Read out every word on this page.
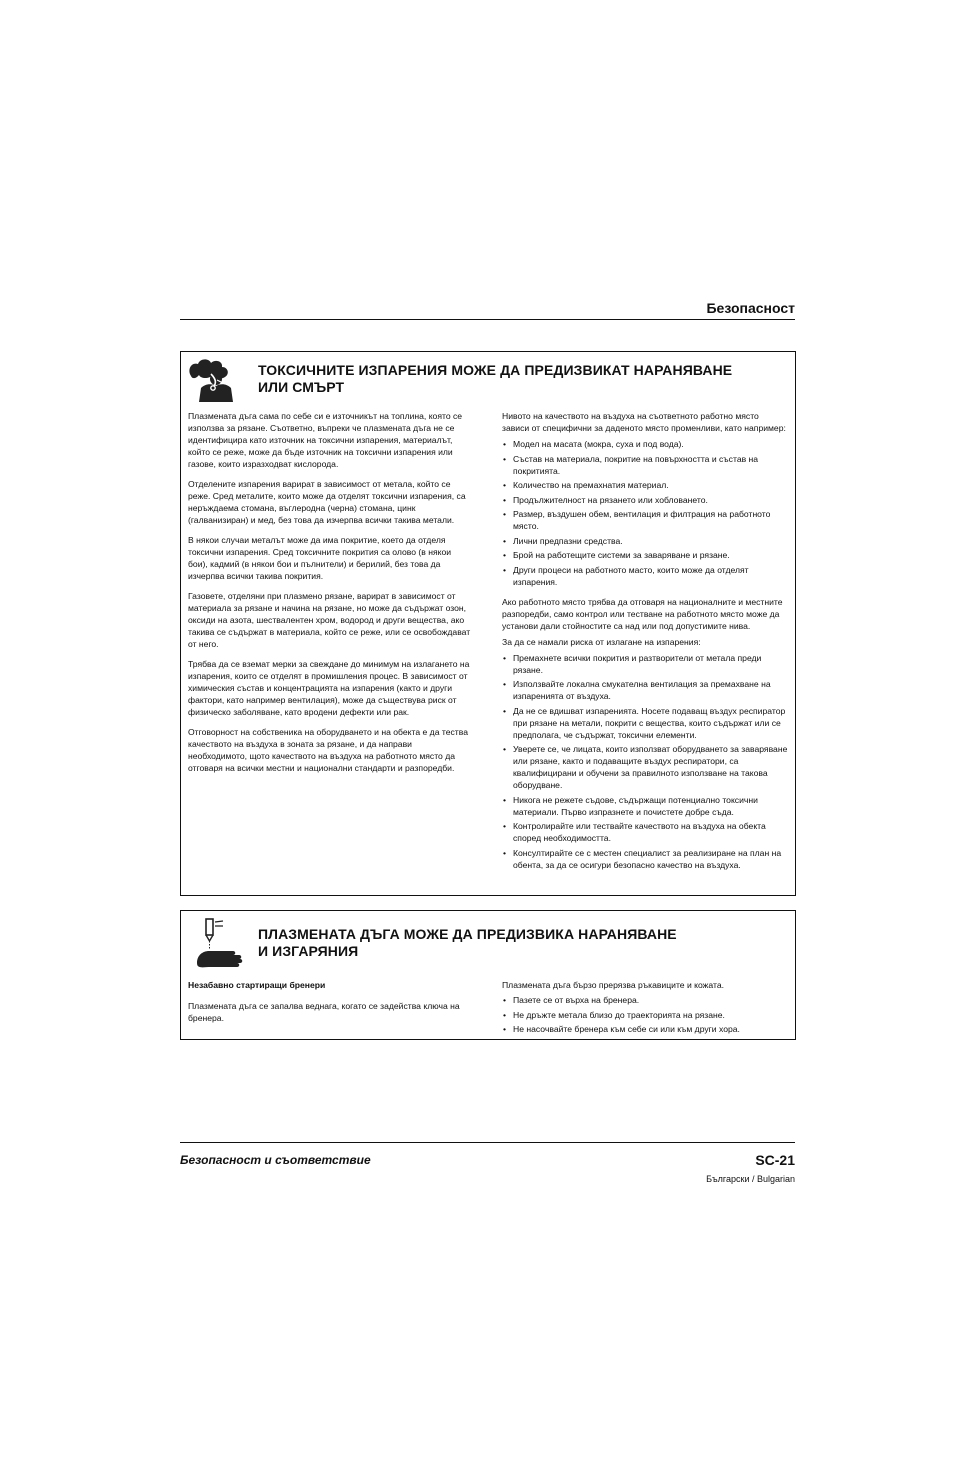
Безопасност
ТОКСИЧНИТЕ ИЗПАРЕНИЯ МОЖЕ ДА ПРЕДИЗВИКАТ НАРАНЯВАНЕ
ИЛИ СМЪРТ

Плазмената дъга сама по себе си е източникът на топлина, която се използва за рязане. Съответно, въпреки че плазмената дъга не се идентифицира като източник на токсични изпарения, материалът, който се реже, може да бъде източник на токсични изпарения или газове, които изразходват кислорода.

Отделените изпарения варират в зависимост от метала, който се реже. Сред металите, които може да отделят токсични изпарения, са неръждаема стомана, въглеродна (черна) стомана, цинк (галванизиран) и мед, без това да изчерпва всички такива метали.

В някои случаи металът може да има покритие, което да отделя токсични изпарения. Сред токсичните покрития са олово (в някои бои), кадмий (в някои бои и пълнители) и берилий, без това да изчерпва всички такива покрития.

Газовете, отделяни при плазмено рязане, варират в зависимост от материала за рязане и начина на рязане, но може да съдържат озон, оксиди на азота, шествалентен хром, водород и други вещества, ако такива се съдържат в материала, който се реже, или се освобождават от него.

Трябва да се вземат мерки за свеждане до минимум на излагането на изпарения, които се отделят в промишления процес. В зависимост от химическия състав и концентрацията на изпарения (както и други фактори, като например вентилация), може да съществува риск от физическо заболяване, като вродени дефекти или рак.

Отговорност на собственика на оборудването и на обекта е да тества качеството на въздуха в зоната за рязане, и да направи необходимото, щото качеството на въздуха на работното място да отговаря на всички местни и национални стандарти и разпоредби.

Нивото на качеството на въздуха на съответното работно място зависи от специфични за даденото място променливи, като например:

• Модел на масата (мокра, суха и под вода).
• Състав на материала, покритие на повърхността и състав на покритията.
• Количество на премахнатия материал.
• Продължителност на рязането или хобловането.
• Размер, въздушен обем, вентилация и филтрация на работното място.
• Лични предпазни средства.
• Брой на работещите системи за заваряване и рязане.
• Други процеси на работното масто, които може да отделят изпарения.

Ако работното място трябва да отговаря на националните и местните разпоредби, само контрол или тестване на работното място може да установи дали стойностите са над или под допустимите нива.

За да се намали риска от излагане на изпарения:

• Премахнете всички покрития и разтворители от метала преди рязане.
• Използвайте локална смукателна вентилация за премахване на изпаренията от въздуха.
• Да не се вдишват изпаренията. Носете подаващ въздух респиратор при рязане на метали, покрити с вещества, които съдържат или се предполага, че съдържат, токсични елементи.
• Уверете се, че лицата, които използват оборудването за заваряване или рязане, както и подаващите въздух респиратори, са квалифицирани и обучени за правилното използване на такова оборудване.
• Никога не режете съдове, съдържащи потенциално токсични материали. Първо изпразнете и почистете добре съда.
• Контролирайте или тествайте качеството на въздуха на обекта според необходимостта.
• Консултирайте се с местен специалист за реализиране на план на обента, за да се осигури безопасно качество на въздуха.
ПЛАЗМЕНАТА ДЪГА МОЖЕ ДА ПРЕДИЗВИКА НАРАНЯВАНЕ
И ИЗГАРЯНИЯ
Незабавно стартиращи бренери

Плазмената дъга се запалва веднага, когато се задейства ключа на бренера.

Плазмената дъга бързо прерязва ръкавиците и кожата.

• Пазете се от върха на бренера.
• Не дръжте метала близо до траекторията на рязане.
• Не насочвайте бренера към себе си или към други хора.
Безопасност и съответствие	SC-21
Български / Bulgarian
